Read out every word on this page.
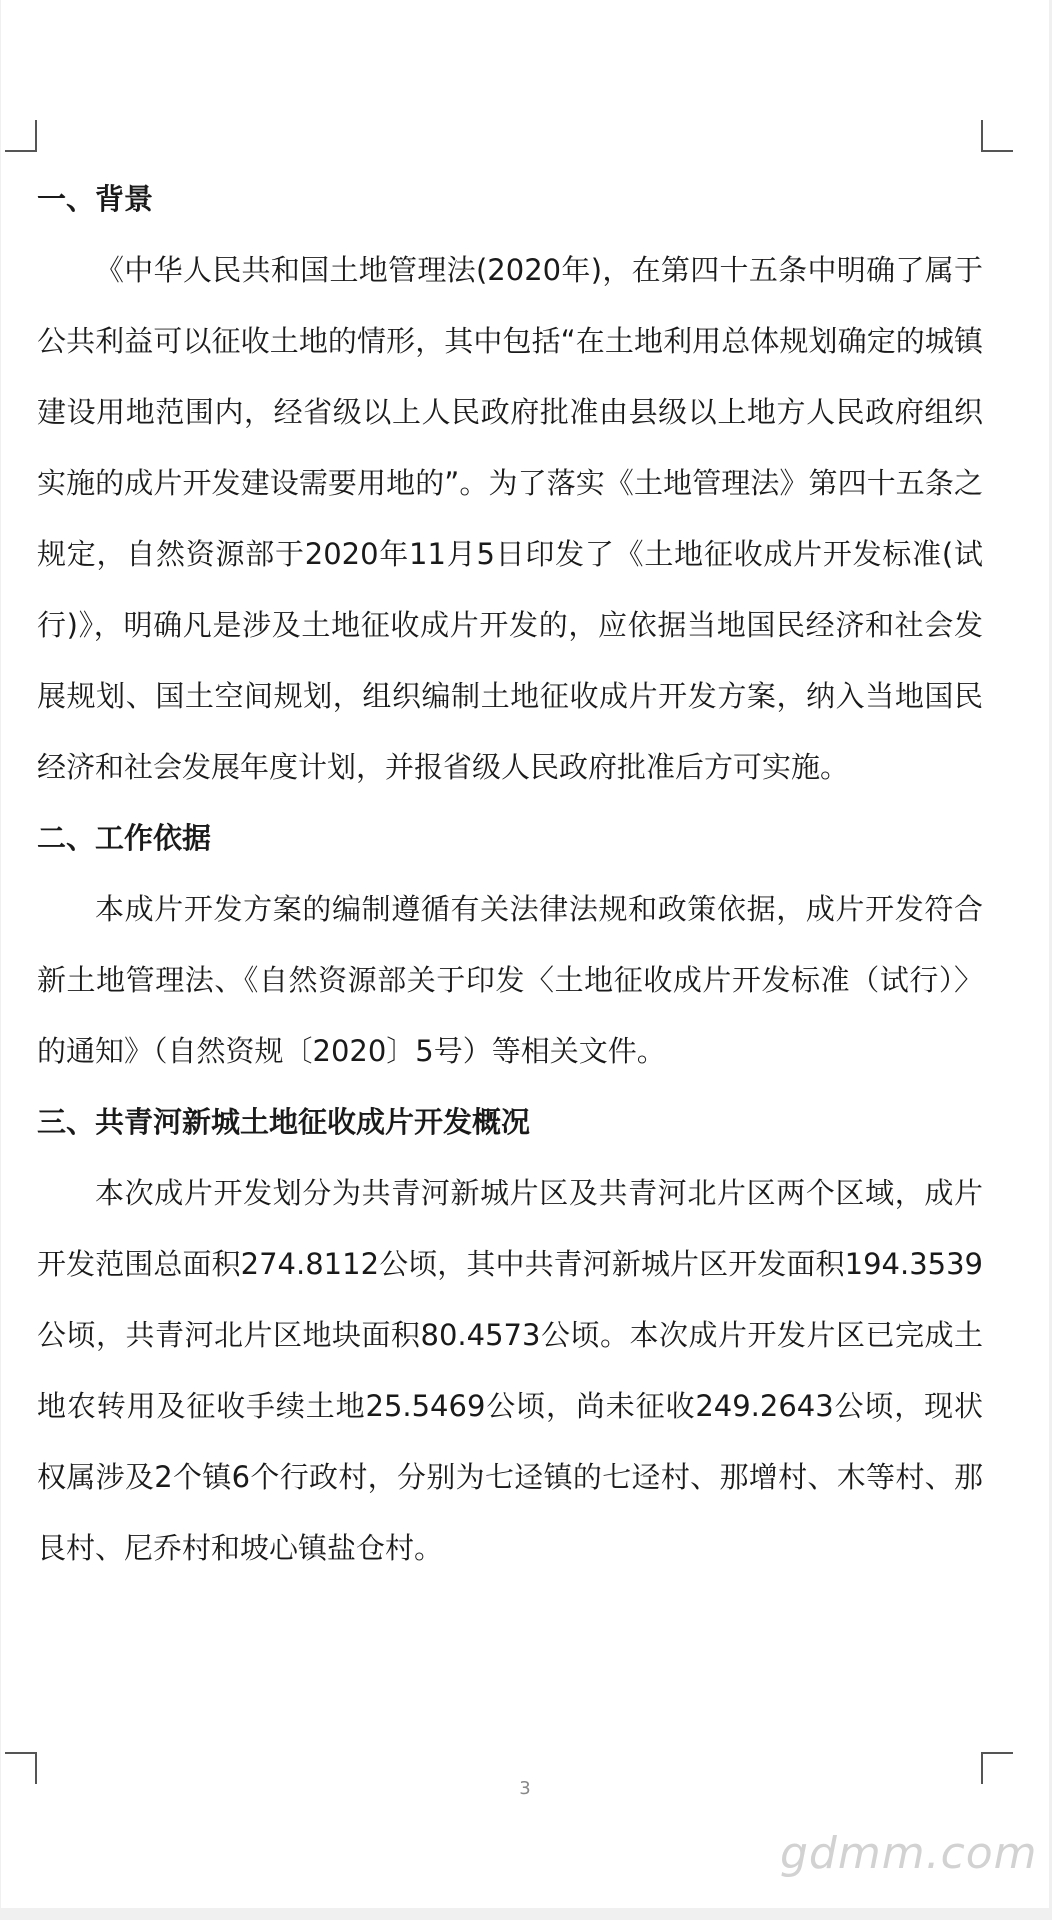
一、背景

《中华人民共和国土地管理法(2020年)，在第四十五条中明确了属于公共利益可以征收土地的情形，其中包括“在土地利用总体规划确定的城镇建设用地范围内，经省级以上人民政府批准由县级以上地方人民政府组织实施的成片开发建设需要用地的”。为了落实《土地管理法》第四十五条之规定，自然资源部于2020年11月5日印发了《土地征收成片开发标准(试行)》，明确凡是涉及土地征收成片开发的，应依据当地国民经济和社会发展规划、国土空间规划，组织编制土地征收成片开发方案，纳入当地国民经济和社会发展年度计划，并报省级人民政府批准后方可实施。

二、工作依据

本成片开发方案的编制遵循有关法律法规和政策依据，成片开发符合新土地管理法、《自然资源部关于印发〈土地征收成片开发标准（试行）〉的通知》（自然资规〔2020〕5号）等相关文件。

三、共青河新城土地征收成片开发概况

本次成片开发划分为共青河新城片区及共青河北片区两个区域，成片开发范围总面积274.8112公顷，其中共青河新城片区开发面积194.3539公顷，共青河北片区地块面积80.4573公顷。本次成片开发片区已完成土地农转用及征收手续土地25.5469公顷，尚未征收249.2643公顷，现状权属涉及2个镇6个行政村，分别为七迳镇的七迳村、那增村、木等村、那艮村、尼乔村和坡心镇盐仓村。

3
gdmm.com
